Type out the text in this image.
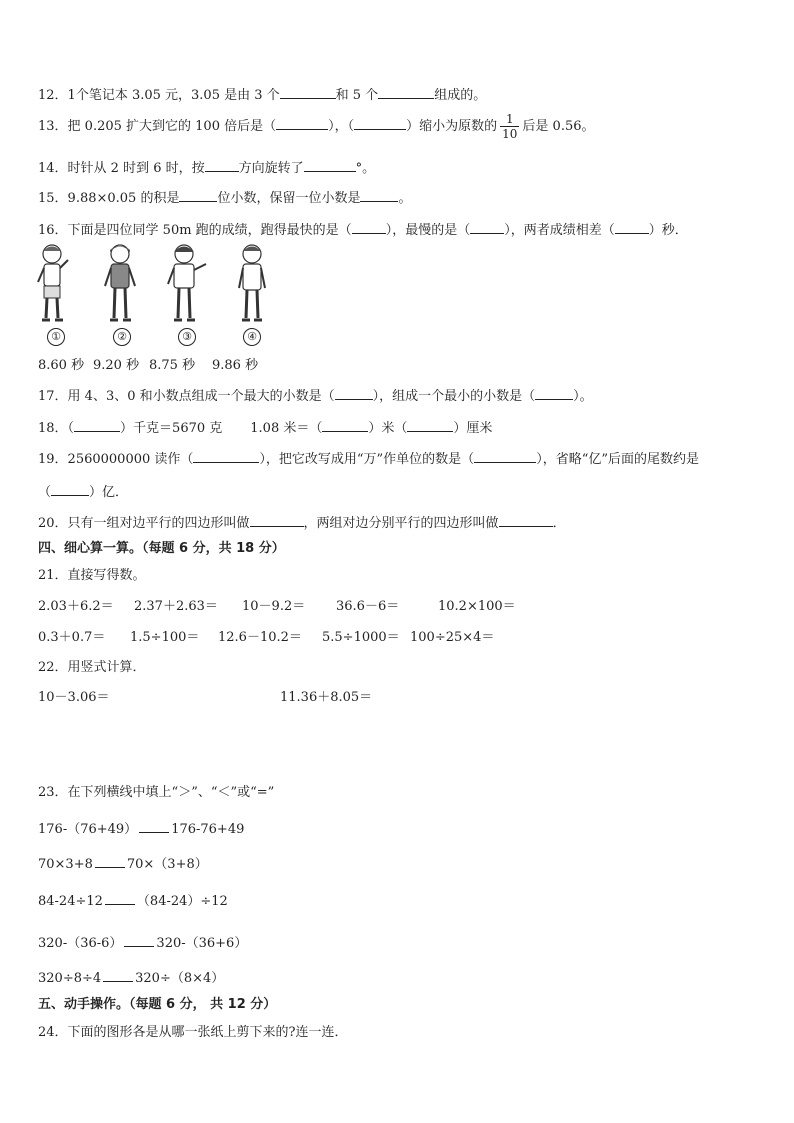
12．1个笔记本 3.05 元，3.05 是由 3 个	和 5 个	组成的。
13．把 0.205 扩大到它的 100 倍后是（	），（	）缩小为原数的 $\frac{1}{10}$ 后是 0.56。
14．时针从 2 时到 6 时，按	方向旋转了	°。
15．9.88×0.05 的积是	位小数，保留一位小数是	。
16．下面是四位同学 50m 跑的成绩，跑得最快的是（	），最慢的是（	），两者成绩相差（	）秒．
①	②	③	④
8.60 秒 9.20 秒 8.75 秒 9.86 秒
17．用 4、3、0 和小数点组成一个最大的小数是（	），组成一个最小的小数是（	）。
18．（	）千克＝5670 克 1.08 米＝（	）米（	）厘米
19．2560000000 读作（	），把它改写成用“万”作单位的数是（	），省略“亿”后面的尾数约是
（	）亿．
20．只有一组对边平行的四边形叫做	，两组对边分别平行的四边形叫做	．
四、细心算一算。（每题 6 分，共 18 分）
21．直接写得数。
2.03＋6.2＝ 2.37＋2.63＝ 10－9.2＝ 36.6－6＝	10.2×100＝
0.3＋0.7＝ 1.5÷100＝ 12.6－10.2＝ 5.5÷1000＝ 100÷25×4＝
22．用竖式计算．
10－3.06＝	11.36＋8.05＝
23．在下列横线中填上“＞”、“＜”或“=”
176-（76+49）	176-76+49
70×3+8	70×（3+8）
84-24÷12	（84-24）÷12
320-（36-6）	320-（36+6）
320÷8÷4	320÷（8×4）
五、动手操作。（每题 6 分， 共 12 分）
24．下面的图形各是从哪一张纸上剪下来的?连一连．
